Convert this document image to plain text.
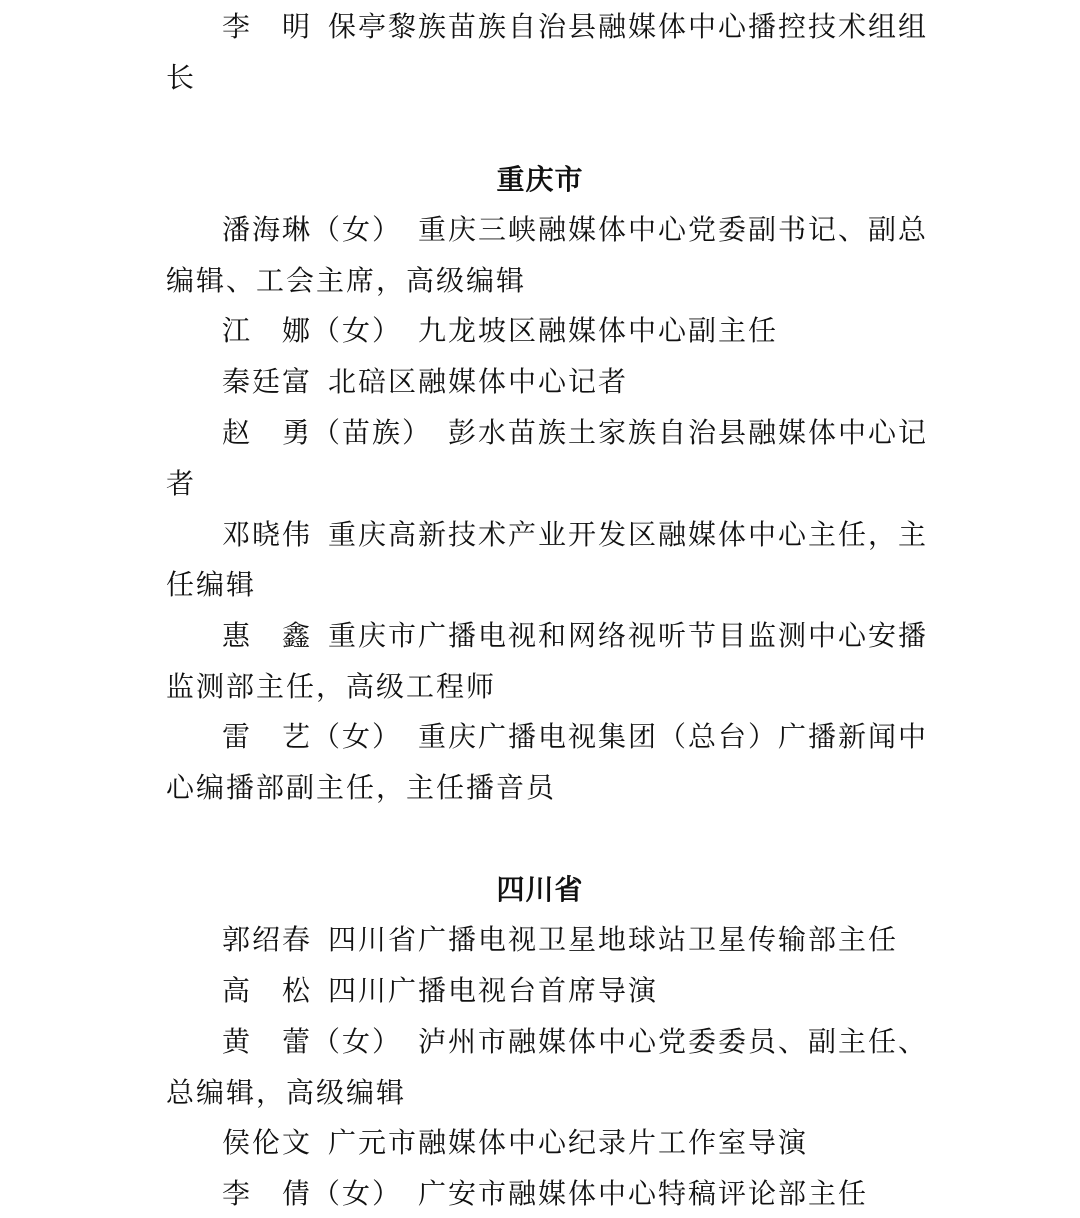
李　明 保亭黎族苗族自治县融媒体中心播控技术组组
长
重庆市
潘海琳（女） 重庆三峡融媒体中心党委副书记、副总
编辑、工会主席，高级编辑
江　娜（女） 九龙坡区融媒体中心副主任
秦廷富 北碚区融媒体中心记者
赵　勇（苗族） 彭水苗族土家族自治县融媒体中心记
者
邓晓伟 重庆高新技术产业开发区融媒体中心主任，主
任编辑
惠　鑫 重庆市广播电视和网络视听节目监测中心安播
监测部主任，高级工程师
雷　艺（女） 重庆广播电视集团（总台）广播新闻中
心编播部副主任，主任播音员
四川省
郭绍春 四川省广播电视卫星地球站卫星传输部主任
高　松 四川广播电视台首席导演
黄　蕾（女） 泸州市融媒体中心党委委员、副主任、
总编辑，高级编辑
侯伦文 广元市融媒体中心纪录片工作室导演
李　倩（女） 广安市融媒体中心特稿评论部主任
